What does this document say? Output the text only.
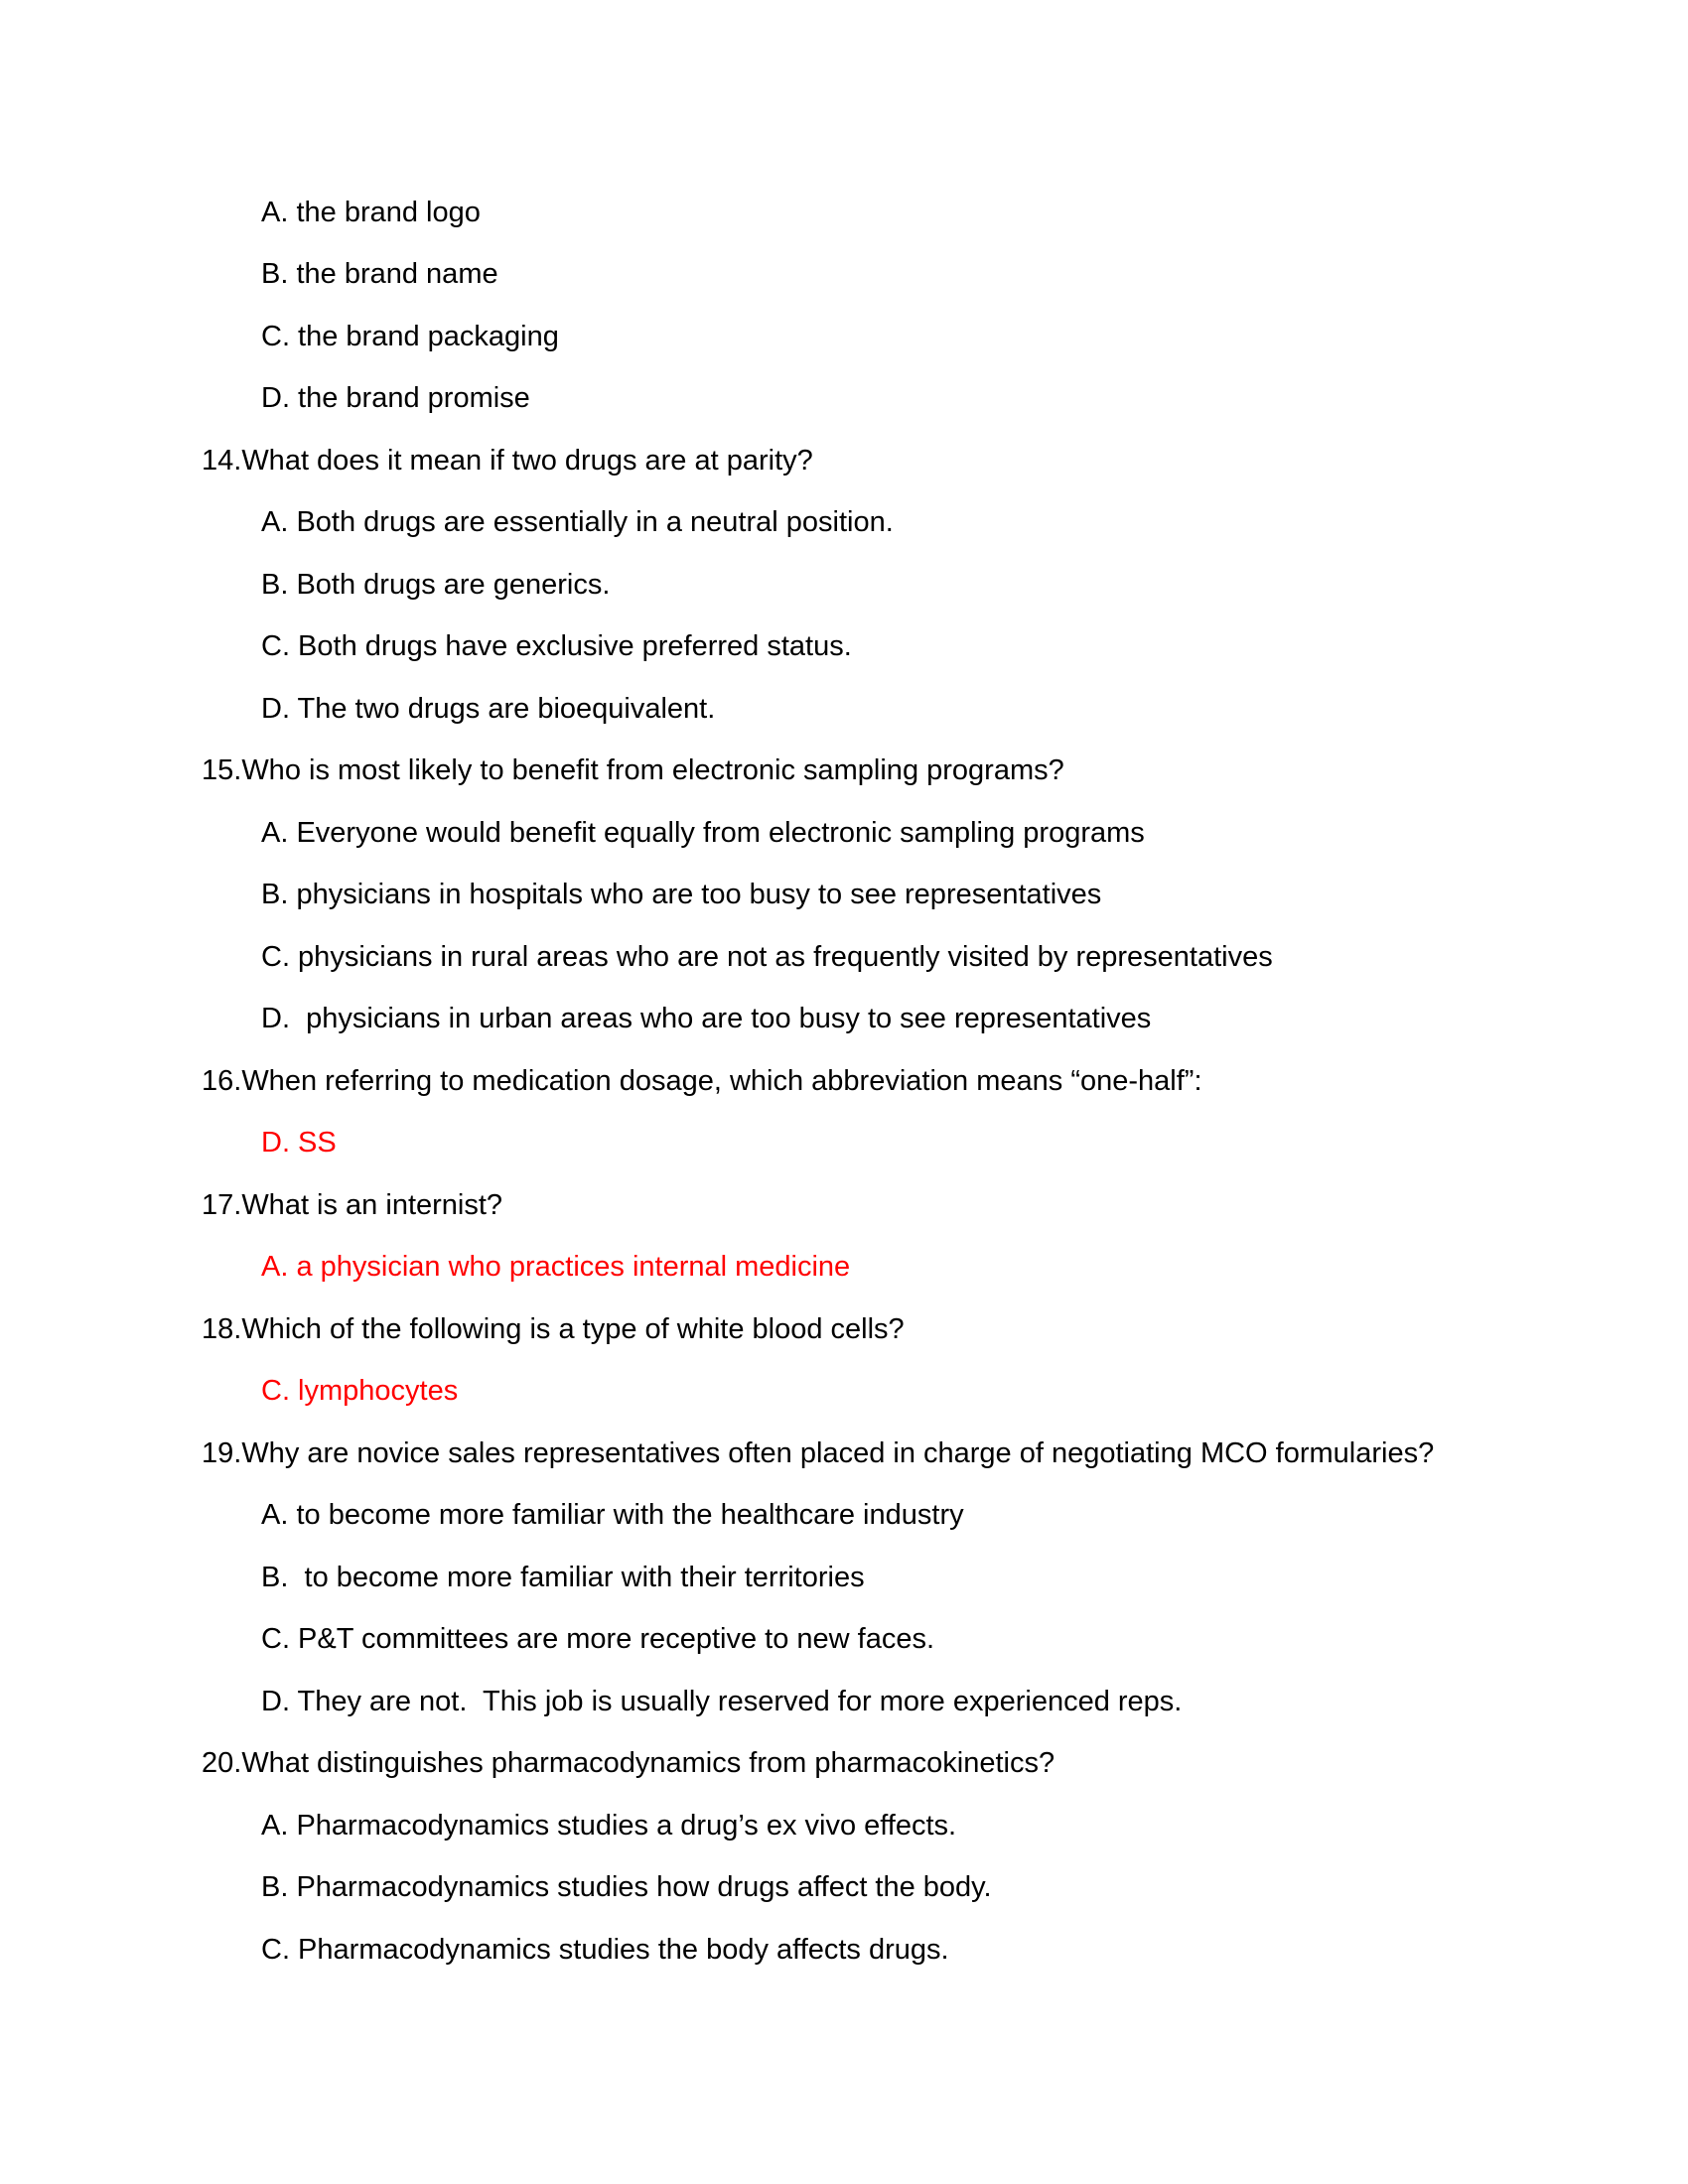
A. the brand logo
B. the brand name
C. the brand packaging
D. the brand promise
14.What does it mean if two drugs are at parity?
A. Both drugs are essentially in a neutral position.
B. Both drugs are generics.
C. Both drugs have exclusive preferred status.
D. The two drugs are bioequivalent.
15.Who is most likely to benefit from electronic sampling programs?
A. Everyone would benefit equally from electronic sampling programs
B. physicians in hospitals who are too busy to see representatives
C. physicians in rural areas who are not as frequently visited by representatives
D.  physicians in urban areas who are too busy to see representatives
16.When referring to medication dosage, which abbreviation means “one-half”:
D. SS
17.What is an internist?
A. a physician who practices internal medicine
18.Which of the following is a type of white blood cells?
C. lymphocytes
19.Why are novice sales representatives often placed in charge of negotiating MCO formularies?
A. to become more familiar with the healthcare industry
B.  to become more familiar with their territories
C. P&T committees are more receptive to new faces.
D. They are not.  This job is usually reserved for more experienced reps.
20.What distinguishes pharmacodynamics from pharmacokinetics?
A. Pharmacodynamics studies a drug’s ex vivo effects.
B. Pharmacodynamics studies how drugs affect the body.
C. Pharmacodynamics studies the body affects drugs.
